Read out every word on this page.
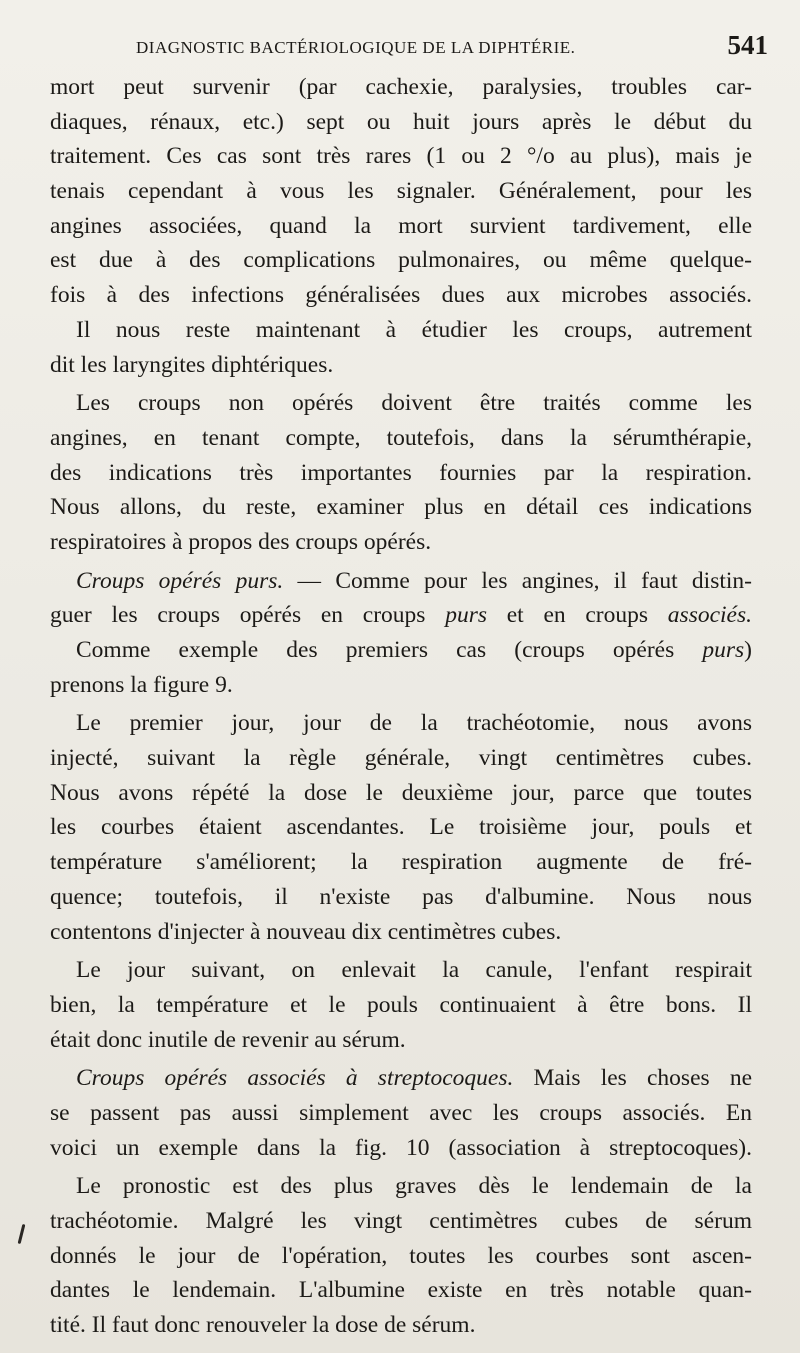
DIAGNOSTIC BACTÉRIOLOGIQUE DE LA DIPHTÉRIE.	541
mort peut survenir (par cachexie, paralysies, troubles car-
diaques, rénaux, etc.) sept ou huit jours après le début du
traitement. Ces cas sont très rares (1 ou 2 °/o au plus), mais je
tenais cependant à vous les signaler. Généralement, pour les
angines associées, quand la mort survient tardivement, elle
est due à des complications pulmonaires, ou même quelque-
fois à des infections généralisées dues aux microbes associés.
Il nous reste maintenant à étudier les croups, autrement
dit les laryngites diphtériques.
Les croups non opérés doivent être traités comme les
angines, en tenant compte, toutefois, dans la sérumthérapie,
des indications très importantes fournies par la respiration.
Nous allons, du reste, examiner plus en détail ces indications
respiratoires à propos des croups opérés.
Croups opérés purs. — Comme pour les angines, il faut distin-
guer les croups opérés en croups purs et en croups associés.
Comme exemple des premiers cas (croups opérés purs)
prenons la figure 9.
Le premier jour, jour de la trachéotomie, nous avons
injecté, suivant la règle générale, vingt centimètres cubes.
Nous avons répété la dose le deuxième jour, parce que toutes
les courbes étaient ascendantes. Le troisième jour, pouls et
température s'améliorent; la respiration augmente de fré-
quence; toutefois, il n'existe pas d'albumine. Nous nous
contentons d'injecter à nouveau dix centimètres cubes.
Le jour suivant, on enlevait la canule, l'enfant respirait
bien, la température et le pouls continuaient à être bons. Il
était donc inutile de revenir au sérum.
Croups opérés associés à streptocoques. Mais les choses ne
se passent pas aussi simplement avec les croups associés. En
voici un exemple dans la fig. 10 (association à streptocoques).
Le pronostic est des plus graves dès le lendemain de la
trachéotomie. Malgré les vingt centimètres cubes de sérum
donnés le jour de l'opération, toutes les courbes sont ascen-
dantes le lendemain. L'albumine existe en très notable quan-
tité. Il faut donc renouveler la dose de sérum.
